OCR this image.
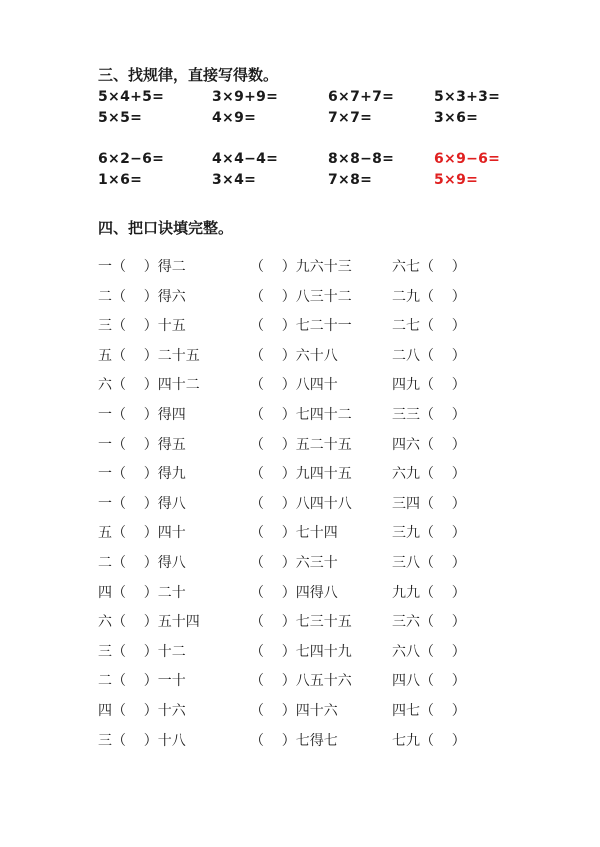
三、找规律，直接写得数。
5×4+5=	3×9+9=	6×7+7=	5×3+3=
5×5=	4×9=	7×7=	3×6=
6×2−6=	4×4−4=	8×8−8=	6×9−6=
1×6=	3×4=	7×8=	5×9=
四、把口诀填完整。
一（    ）得二	（    ）九六十三	六七（    ）
二（    ）得六	（    ）八三十二	二九（    ）
三（    ）十五	（    ）七二十一	二七（    ）
五（    ）二十五	（    ）六十八	二八（    ）
六（    ）四十二	（    ）八四十	四九（    ）
一（    ）得四	（    ）七四十二	三三（    ）
一（    ）得五	（    ）五二十五	四六（    ）
一（    ）得九	（    ）九四十五	六九（    ）
一（    ）得八	（    ）八四十八	三四（    ）
五（    ）四十	（    ）七十四	三九（    ）
二（    ）得八	（    ）六三十	三八（    ）
四（    ）二十	（    ）四得八	九九（    ）
六（    ）五十四	（    ）七三十五	三六（    ）
三（    ）十二	（    ）七四十九	六八（    ）
二（    ）一十	（    ）八五十六	四八（    ）
四（    ）十六	（    ）四十六	四七（    ）
三（    ）十八	（    ）七得七	七九（    ）
